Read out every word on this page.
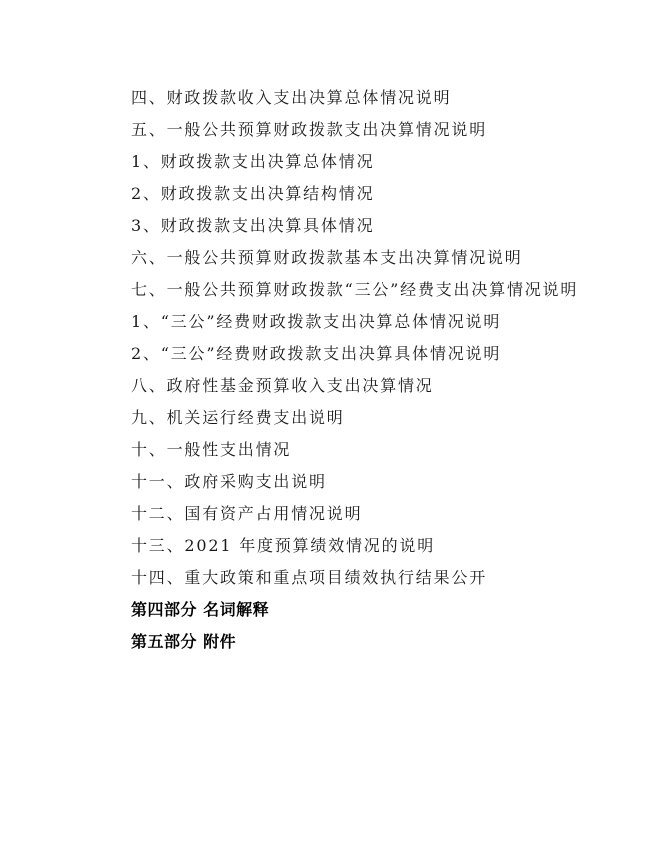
四、财政拨款收入支出决算总体情况说明
五、一般公共预算财政拨款支出决算情况说明
1、财政拨款支出决算总体情况
2、财政拨款支出决算结构情况
3、财政拨款支出决算具体情况
六、一般公共预算财政拨款基本支出决算情况说明
七、一般公共预算财政拨款“三公”经费支出决算情况说明
1、“三公”经费财政拨款支出决算总体情况说明
2、“三公”经费财政拨款支出决算具体情况说明
八、政府性基金预算收入支出决算情况
九、机关运行经费支出说明
十、一般性支出情况
十一、政府采购支出说明
十二、国有资产占用情况说明
十三、2021 年度预算绩效情况的说明
十四、重大政策和重点项目绩效执行结果公开
第四部分 名词解释
第五部分 附件
